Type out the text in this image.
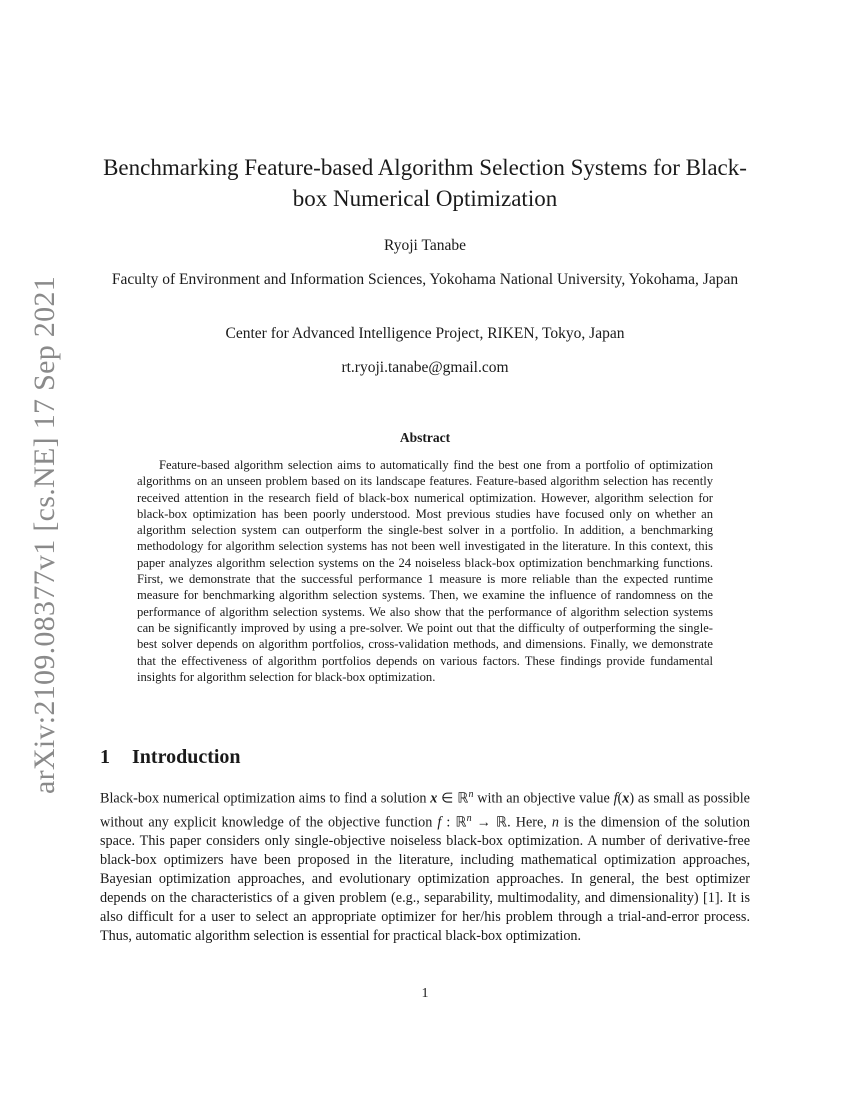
arXiv:2109.08377v1 [cs.NE] 17 Sep 2021
Benchmarking Feature-based Algorithm Selection Systems for Black-box Numerical Optimization
Ryoji Tanabe
Faculty of Environment and Information Sciences, Yokohama National University, Yokohama, Japan
Center for Advanced Intelligence Project, RIKEN, Tokyo, Japan
rt.ryoji.tanabe@gmail.com
Abstract

Feature-based algorithm selection aims to automatically find the best one from a portfolio of optimization algorithms on an unseen problem based on its landscape features. Feature-based algorithm selection has recently received attention in the research field of black-box numerical optimization. However, algorithm selection for black-box optimization has been poorly understood. Most previous studies have focused only on whether an algorithm selection system can outperform the single-best solver in a portfolio. In addition, a benchmarking methodology for algorithm selection systems has not been well investigated in the literature. In this context, this paper analyzes algorithm selection systems on the 24 noiseless black-box optimization benchmarking functions. First, we demonstrate that the successful performance 1 measure is more reliable than the expected runtime measure for benchmarking algorithm selection systems. Then, we examine the influence of randomness on the performance of algorithm selection systems. We also show that the performance of algorithm selection systems can be significantly improved by using a pre-solver. We point out that the difficulty of outperforming the single-best solver depends on algorithm portfolios, cross-validation methods, and dimensions. Finally, we demonstrate that the effectiveness of algorithm portfolios depends on various factors. These findings provide fundamental insights for algorithm selection for black-box optimization.

1 Introduction

Black-box numerical optimization aims to find a solution x ∈ ℝ$^n$ with an objective value f(x) as small as possible without any explicit knowledge of the objective function f : ℝ$^n$ → ℝ. Here, n is the dimension of the solution space. This paper considers only single-objective noiseless black-box optimization. A number of derivative-free black-box optimizers have been proposed in the literature, including mathematical optimization approaches, Bayesian optimization approaches, and evolutionary optimization approaches. In general, the best optimizer depends on the characteristics of a given problem (e.g., separability, multimodality, and dimensionality) [1]. It is also difficult for a user to select an appropriate optimizer for her/his problem through a trial-and-error process. Thus, automatic algorithm selection is essential for practical black-box optimization.

1
